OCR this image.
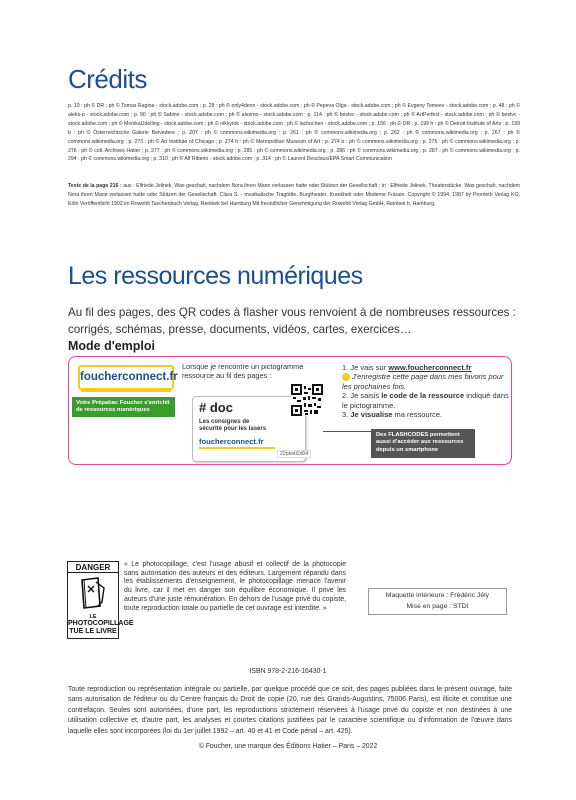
Crédits
p. 10 : ph © DR ; ph © Tomas Ragina - stock.adobe.com ; p. 28 : ph © only4denn - stock.adobe.com ; ph © Pepeva Olga - stock.adobe.com ; ph © Evgeny Tomeev - stock.adobe.com ; p. 48 : ph © aleks-p - stock.adobe.com ; p. 90 : ph © Sabine - stock.adobe.com ; ph © alesmo - stock.adobe.com ; p. 114 : ph © bestvc - stock.adobe.com ; ph © ArtPerfect - stock.adobe.com ; ph © bestvc - stock.adobe.com ; ph © MonikaUdelling - stock.adobe.com ; ph © nikkytok - stock.adobe.com ; ph © lachochen - stock.adobe.com ; p. 156 : ph © DR ; p. 199 h : ph © Detroit Institute of Arts ; p. 199 b : ph © Österreichische Galerie Belvedere ; p. 207 : ph © commons.wikimedia.org ; p. 261 : ph © commons.wikimedia.org ; p. 262 : ph © commons.wikimedia.org ; p. 267 : ph © commons.wikimedia.org ; p. 273 : ph © Art Institute of Chicago ; p. 274 h : ph © Metropolitan Museum of Art ; p. 274 b : ph © commons.wikimedia.org ; p. 275 : ph © commons.wikimedia.org ; p. 276 : ph © coll. Archives Hatier ; p. 277 : ph © commons.wikimedia.org ; p. 285 : ph © commons.wikimedia.org ; p. 286 : ph © commons.wikimedia.org ; p. 287 : ph © commons.wikimedia.org ; p. 294 : ph © commons.wikimedia.org ; p. 310 : ph © Alf Ribeiro - stock.adobe.com ; p. 314 : ph © Laurent Descloux/EPA Smart Communication
Texte de la page 216 : aus : Elfriede Jelinek, Was geschah, nachdem Nora ihren Mann verlassen hatte oder Stützen der Gesellschaft ; in : Elfriede Jelinek, Theaterstücke. Was geschah, nachdem Nora ihren Mann verlassen hatte oder Stützen der Gesellschaft. Clara S. - musikalische Tragödie. Burgtheater. Krankheit oder Moderne Frauen. Copyright © 1994, 1987 by Prometh Verlag KG, Köln Veröffentlicht 1992 im Rowohlt Taschenbuch Verlag, Reinbek bei Hamburg Mit freundlicher Genehmigung der Rowohlt Verlag GmbH, Reinbek b. Hamburg.
Les ressources numériques
Au fil des pages, des QR codes à flasher vous renvoient à de nombreuses ressources : corrigés, schémas, presse, documents, vidéos, cartes, exercices…
Mode d'emploi
foucherconnect.fr
Votre Prépabac Foucher s'enrichit de ressources numériques
Lorsque je rencontre un pictogramme ressource au fil des pages :
# doc
Les consignes de sécurité pour les lasers
foucherconnect.fr
22pbsti2d04
1. Je vais sur www.foucherconnect.fr
J'enregistre cette page dans mes favoris pour les prochaines fois.
2. Je saisis le code de la ressource indiqué dans le pictogramme.
3. Je visualise ma ressource.
Des FLASHCODES permettent aussi d'accéder aux ressources depuis un smartphone
DANGER
LE
PHOTOCOPILLAGE
TUE LE LIVRE
« Le photocopillage, c'est l'usage abusif et collectif de la photocopie sans autorisation des auteurs et des éditeurs. Largement répandu dans les établissements d'enseignement, le photocopillage menace l'avenir du livre, car il met en danger son équilibre économique. Il prive les auteurs d'une juste rémunération. En dehors de l'usage privé du copiste, toute reproduction totale ou partielle de cet ouvrage est interdite. »
Maquette intérieure : Frédéric Jély
Mise en page : STDI
ISBN 978-2-216-16430-1
Toute reproduction ou représentation intégrale ou partielle, par quelque procédé que ce soit, des pages publiées dans le présent ouvrage, faite sans autorisation de l'éditeur ou du Centre français du Droit de copie (20, rue des Grands-Augustins, 75006 Paris), est illicite et constitue une contrefaçon. Seules sont autorisées, d'une part, les reproductions strictement réservées à l'usage privé du copiste et non destinées à une utilisation collective et, d'autre part, les analyses et courtes citations justifiées par le caractère scientifique ou d'information de l'œuvre dans laquelle elles sont incorporées (loi du 1er juillet 1992 – art. 40 et 41 et Code pénal – art. 425).
© Foucher, une marque des Éditions Hatier – Paris – 2022
